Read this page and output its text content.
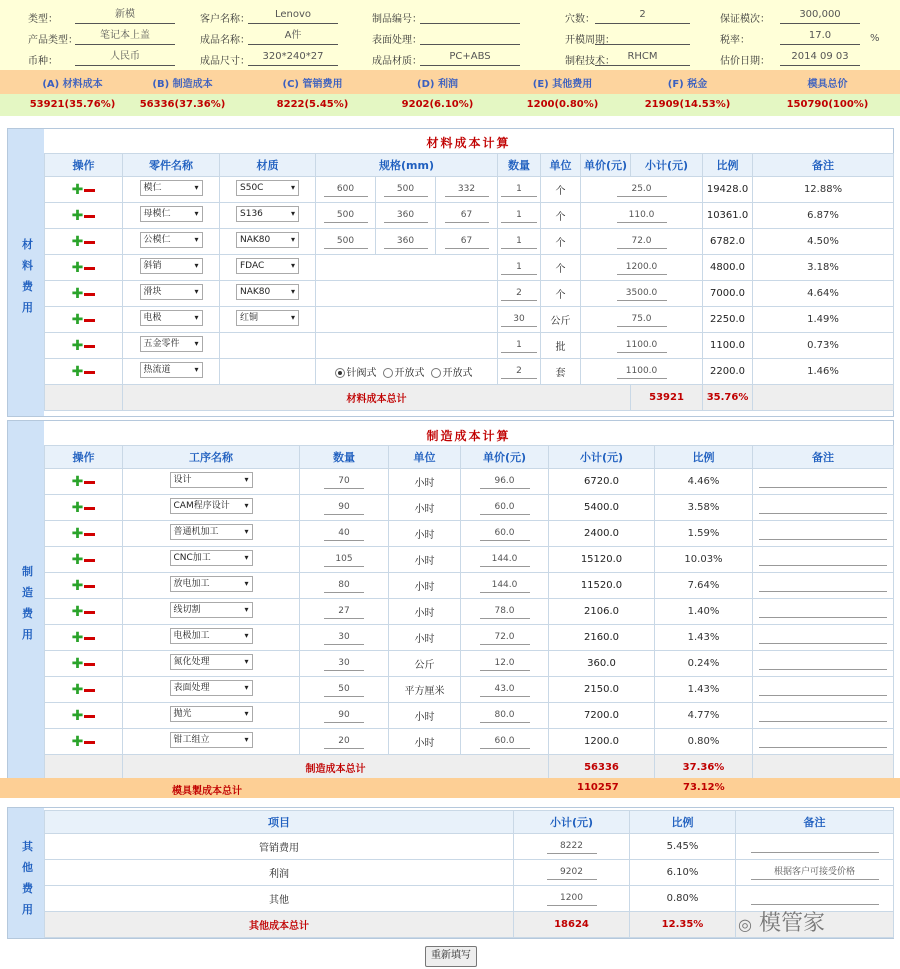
类型：	新模	客户名称：	Lenovo	制品编号：	穴数：	2	保证模次：	300,000
产品类型：	笔记本上盖	成品名称：	A件	表面处理：	开模周期：	税率：	17.0
币种：	人民币	成品尺寸：	320*240*27	成品材质：	PC+ABS	制程技术：	RHCM	估价日期：	2014 09 03
%
(A) 材料成本	(B) 制造成本	(C) 管销费用	(D) 利润	(E) 其他费用	(F) 税金	模具总价
53921(35.76%)	56336(37.36%)	8222(5.45%)	9202(6.10%)	1200(0.80%)	21909(14.53%)	150790(100%)
材
料
费
用
材料成本计算
操作	零件名称	材质	规格(mm)			数量	单位	单价(元)	小计(元)	比例	备注	
✚	模仁 ▾	S50C ▾	600	500	332	1	个	25.0		19428.0	12.88%	
✚	母模仁 ▾	S136 ▾	500	360	67	1	个	110.0		10361.0	6.87%	
✚	公模仁 ▾	NAK80 ▾	500	360	67	1	个	72.0		6782.0	4.50%	
✚	斜销 ▾	FDAC ▾				1	个	1200.0		4800.0	3.18%	
✚	滑块 ▾	NAK80 ▾				2	个	3500.0		7000.0	4.64%	
✚	电极 ▾	红铜 ▾				30	公斤	75.0		2250.0	1.49%	
✚	五金零件 ▾					1	批	1100.0		1100.0	0.73%	
✚	热流道 ▾		针阀式 开放式 开放式			2	套	1100.0		2200.0	1.46%	
	材料成本总计								53921	35.76%		
制
造
费
用
制造成本计算
操作	工序名称	数量	单位	单价(元)	小计(元)	比例	备注
✚	设计 ▾	70	小时	96.0	6720.0	4.46%	
✚	CAM程序设计 ▾	90	小时	60.0	5400.0	3.58%	
✚	普通机加工 ▾	40	小时	60.0	2400.0	1.59%	
✚	CNC加工 ▾	105	小时	144.0	15120.0	10.03%	
✚	放电加工 ▾	80	小时	144.0	11520.0	7.64%	
✚	线切割 ▾	27	小时	78.0	2106.0	1.40%	
✚	电极加工 ▾	30	小时	72.0	2160.0	1.43%	
✚	氮化处理 ▾	30	公斤	12.0	360.0	0.24%	
✚	表面处理 ▾	50	平方厘米	43.0	2150.0	1.43%	
✚	抛光 ▾	90	小时	80.0	7200.0	4.77%	
✚	钳工组立 ▾	20	小时	60.0	1200.0	0.80%	
	制造成本总计				56336	37.36%	
模具製成本总计	110257	73.12%
其
他
费
用
项目	小计(元)	比例	备注
管销费用	8222	5.45%	
利润	9202	6.10%	根据客户可接受价格
其他	1200	0.80%	
其他成本总计	18624	12.35%	
重新填写
◎ 模管家
